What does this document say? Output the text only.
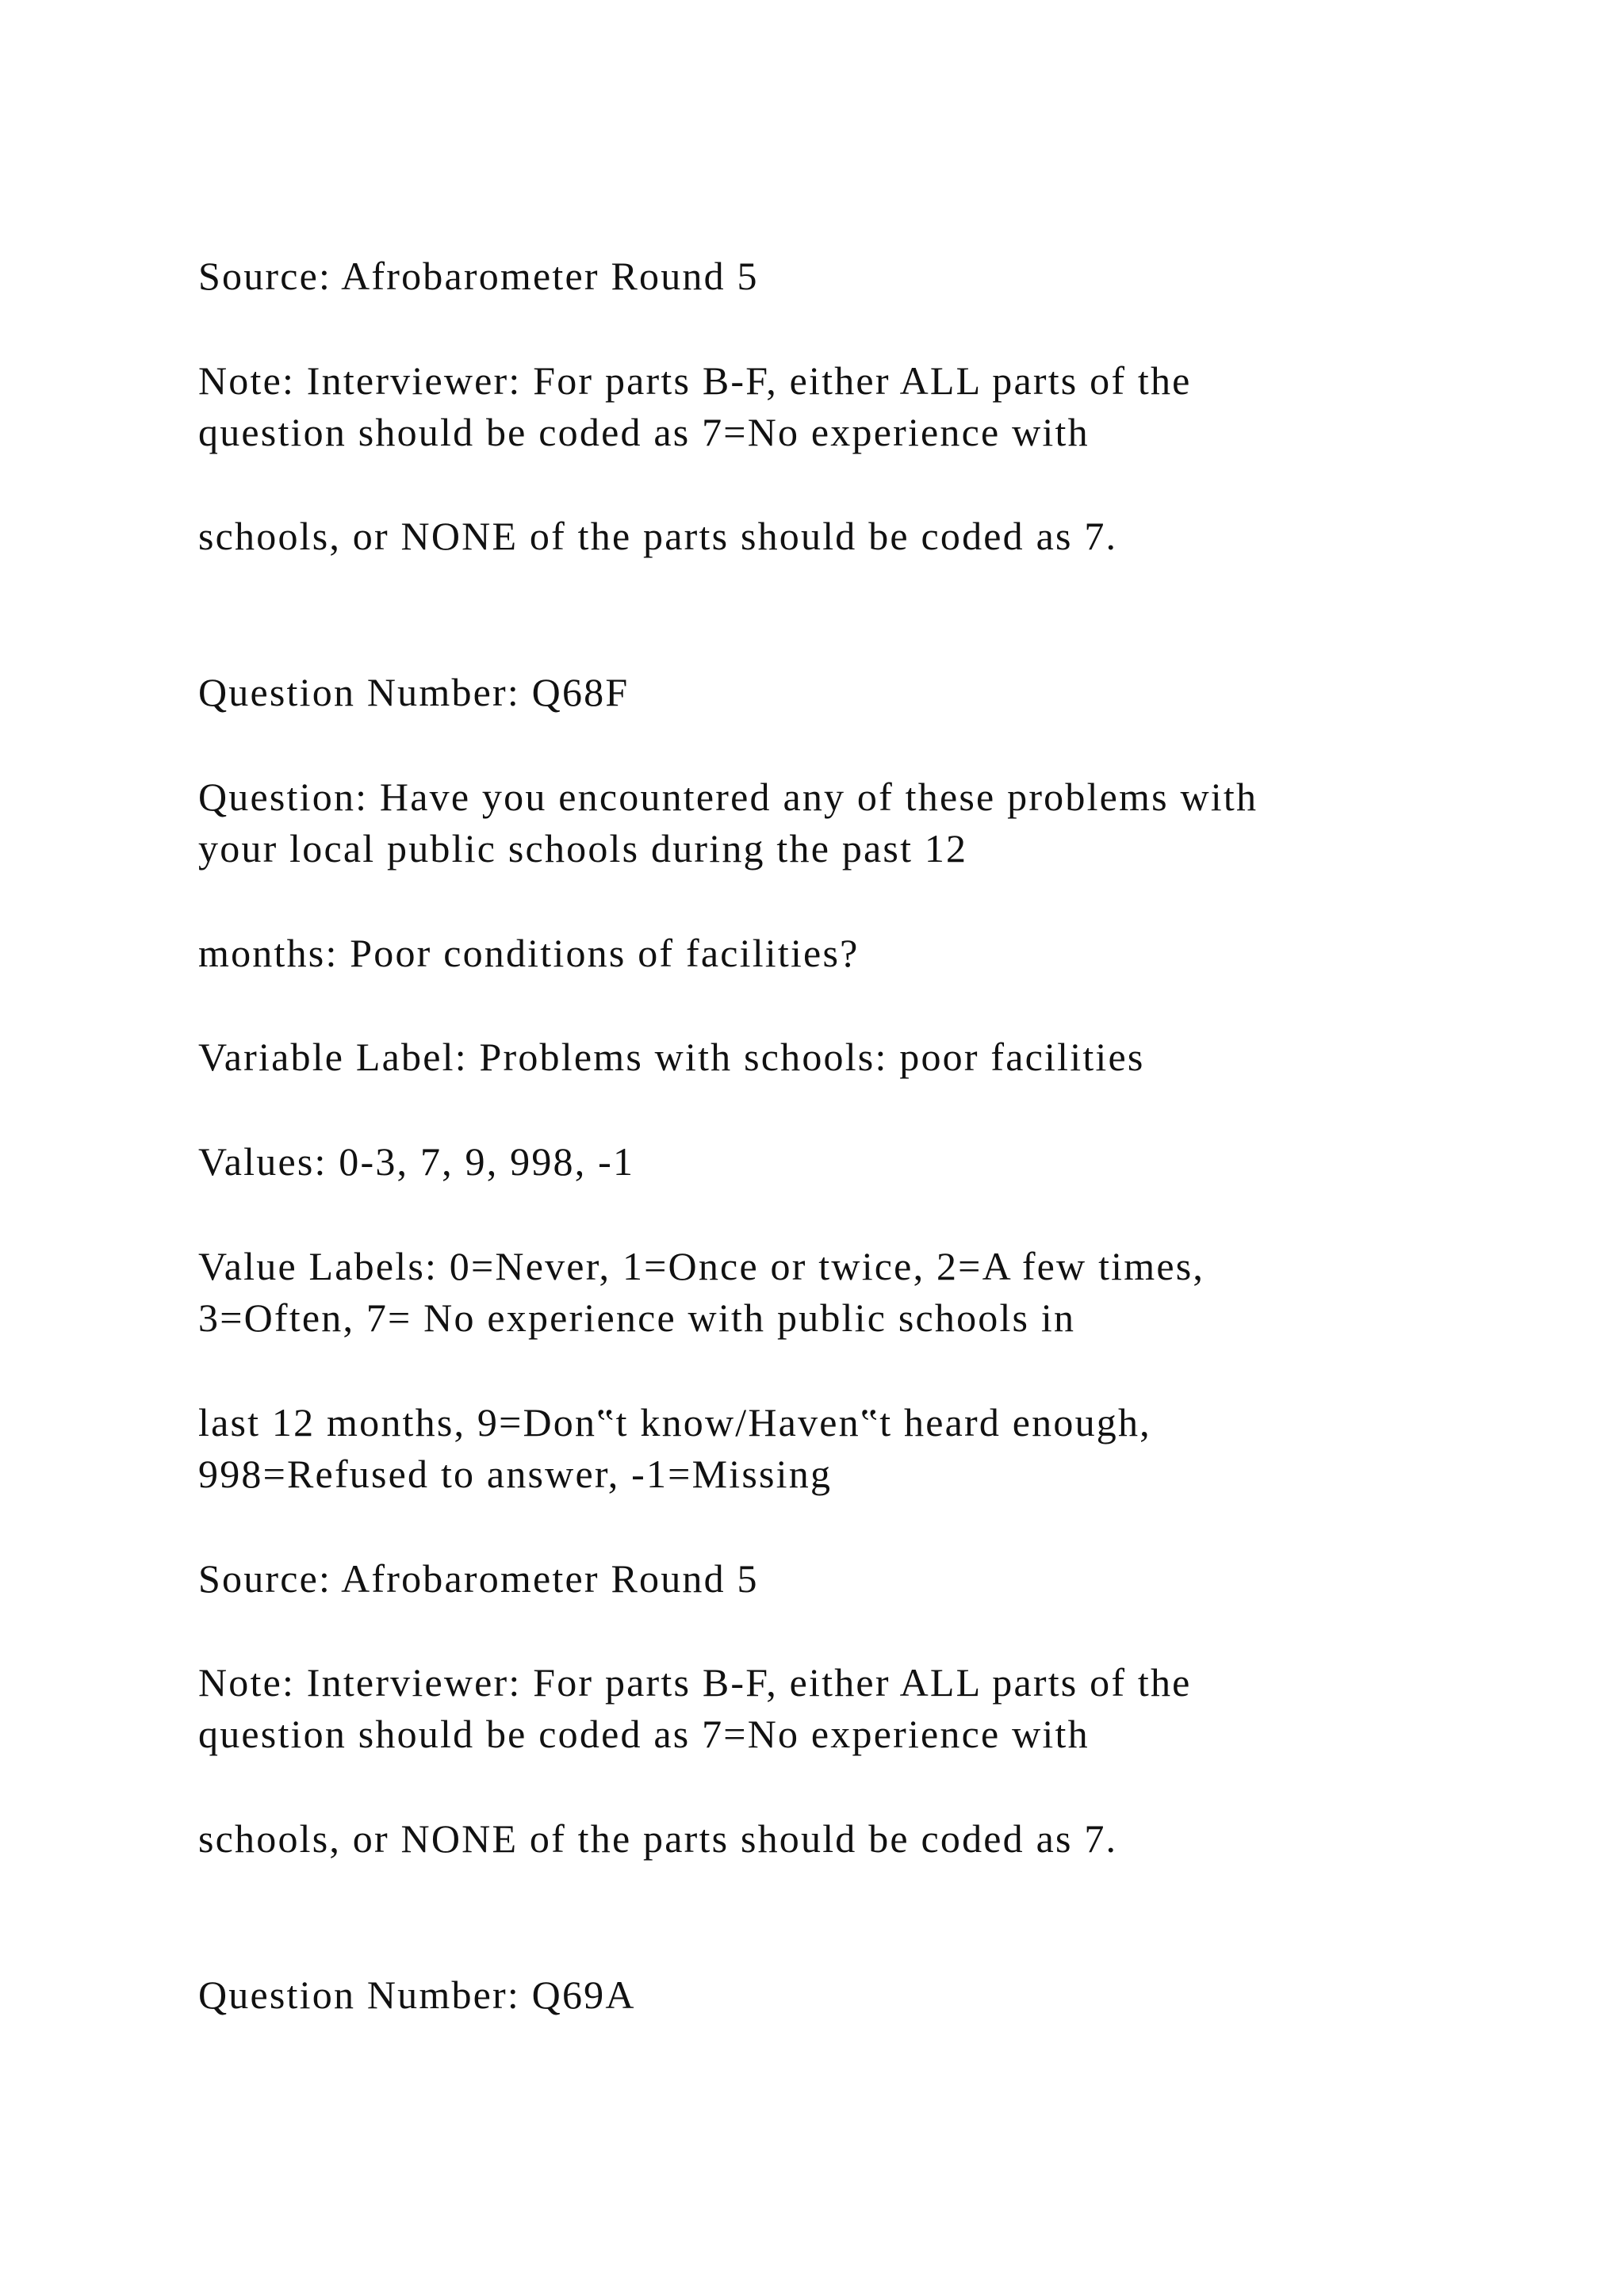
Source: Afrobarometer Round 5

Note: Interviewer: For parts B-F, either ALL parts of the

question should be coded as 7=No experience with

schools, or NONE of the parts should be coded as 7.

Question Number: Q68F

Question: Have you encountered any of these problems with

your local public schools during the past 12

months: Poor conditions of facilities?

Variable Label: Problems with schools: poor facilities

Values: 0-3, 7, 9, 998, -1

Value Labels: 0=Never, 1=Once or twice, 2=A few times,

3=Often, 7= No experience with public schools in

last 12 months, 9=Don‟t know/Haven‟t heard enough,

998=Refused to answer, -1=Missing

Source: Afrobarometer Round 5

Note: Interviewer: For parts B-F, either ALL parts of the

question should be coded as 7=No experience with

schools, or NONE of the parts should be coded as 7.

Question Number: Q69A
